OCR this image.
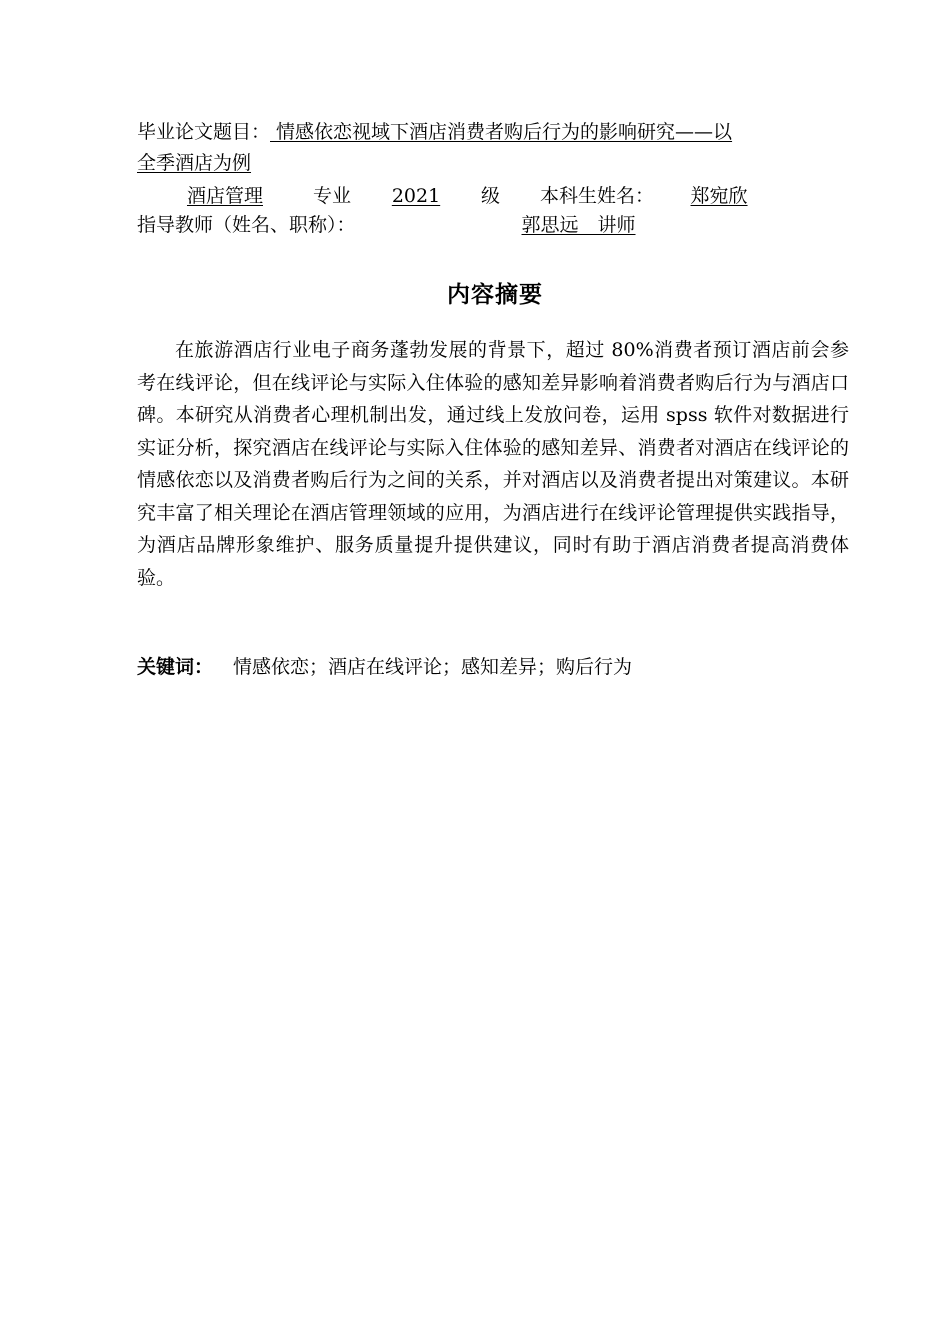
毕业论文题目： 情感依恋视域下酒店消费者购后行为的影响研究——以
全季酒店为例
酒店管理	专业 2021 级 本科生姓名： 郑宛欣
指导教师（姓名、职称）：	郭思远　讲师
内容摘要
在旅游酒店行业电子商务蓬勃发展的背景下，超过 80%消费者预订酒店前会参考在线评论，但在线评论与实际入住体验的感知差异影响着消费者购后行为与酒店口碑。本研究从消费者心理机制出发，通过线上发放问卷，运用 spss 软件对数据进行实证分析，探究酒店在线评论与实际入住体验的感知差异、消费者对酒店在线评论的情感依恋以及消费者购后行为之间的关系，并对酒店以及消费者提出对策建议。本研究丰富了相关理论在酒店管理领域的应用，为酒店进行在线评论管理提供实践指导，为酒店品牌形象维护、服务质量提升提供建议，同时有助于酒店消费者提高消费体验。
关键词： 情感依恋；酒店在线评论；感知差异；购后行为
